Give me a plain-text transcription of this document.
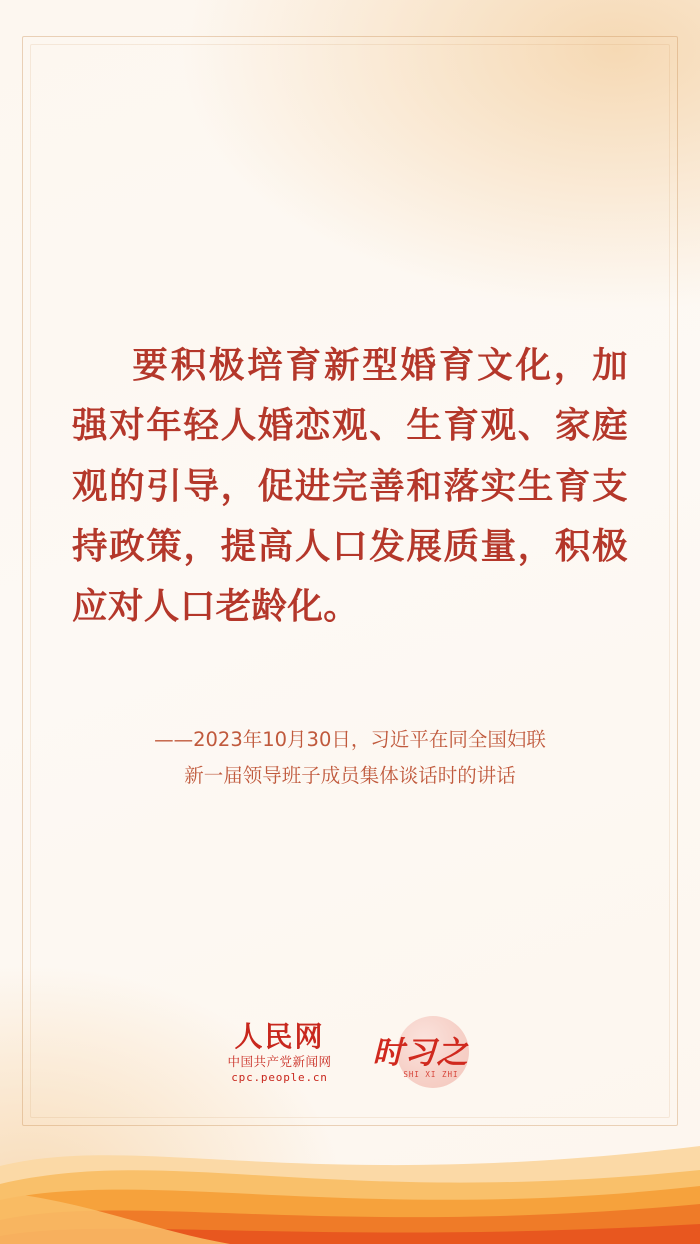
要积极培育新型婚育文化，加强对年轻人婚恋观、生育观、家庭观的引导，促进完善和落实生育支持政策，提高人口发展质量，积极应对人口老龄化。
——2023年10月30日，习近平在同全国妇联
新一届领导班子成员集体谈话时的讲话
人民网
中国共产党新闻网
cpc.people.cn
时习之
SHI XI ZHI
